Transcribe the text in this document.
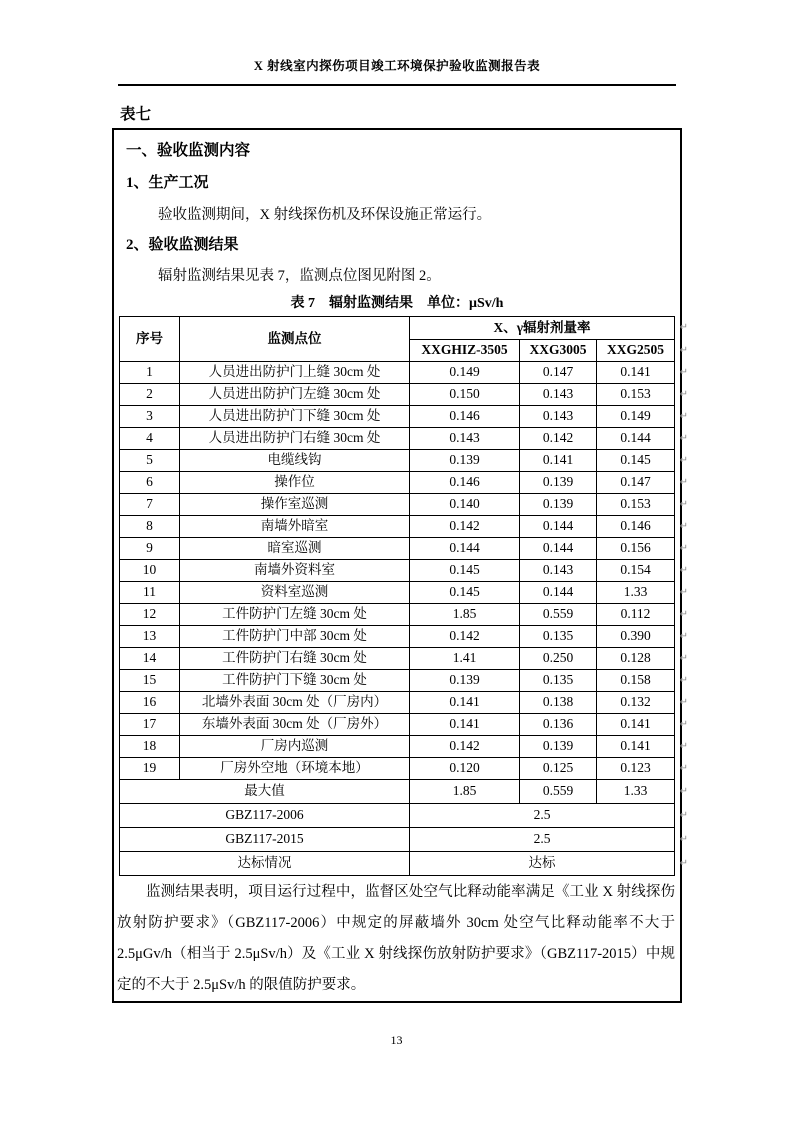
X 射线室内探伤项目竣工环境保护验收监测报告表
表七
一、验收监测内容
1、生产工况
验收监测期间，X 射线探伤机及环保设施正常运行。
2、验收监测结果
辐射监测结果见表 7，监测点位图见附图 2。
表 7　辐射监测结果　单位：μSv/h
序号	监测点位	X、γ辐射剂量率 ↵		

		XXGHIZ-3505	XXG3005	XXG2505 ↵

1	人员进出防护门上缝 30cm 处	0.149	0.147	0.141 ↵

2	人员进出防护门左缝 30cm 处	0.150	0.143	0.153 ↵

3	人员进出防护门下缝 30cm 处	0.146	0.143	0.149 ↵

4	人员进出防护门右缝 30cm 处	0.143	0.142	0.144 ↵

5	电缆线钩	0.139	0.141	0.145 ↵

6	操作位	0.146	0.139	0.147 ↵

7	操作室巡测	0.140	0.139	0.153 ↵

8	南墙外暗室	0.142	0.144	0.146 ↵

9	暗室巡测	0.144	0.144	0.156 ↵

10	南墙外资料室	0.145	0.143	0.154 ↵

11	资料室巡测	0.145	0.144	1.33 ↵

12	工件防护门左缝 30cm 处	1.85	0.559	0.112 ↵

13	工件防护门中部 30cm 处	0.142	0.135	0.390 ↵

14	工件防护门右缝 30cm 处	1.41	0.250	0.128 ↵

15	工件防护门下缝 30cm 处	0.139	0.135	0.158 ↵

16	北墙外表面 30cm 处（厂房内）	0.141	0.138	0.132 ↵

17	东墙外表面 30cm 处（厂房外）	0.141	0.136	0.141 ↵

18	厂房内巡测	0.142	0.139	0.141 ↵

19	厂房外空地（环境本地）	0.120	0.125	0.123 ↵

最大值		1.85	0.559	1.33 ↵

GBZ117-2006		2.5 ↵		

GBZ117-2015		2.5 ↵		

达标情况		达标 ↵		
监测结果表明，项目运行过程中，监督区处空气比释动能率满足《工业 X 射线探伤放射防护要求》（GBZ117-2006）中规定的屏蔽墙外 30cm 处空气比释动能率不大于 2.5μGv/h（相当于 2.5μSv/h）及《工业 X 射线探伤放射防护要求》（GBZ117-2015）中规定的不大于 2.5μSv/h 的限值防护要求。
13
